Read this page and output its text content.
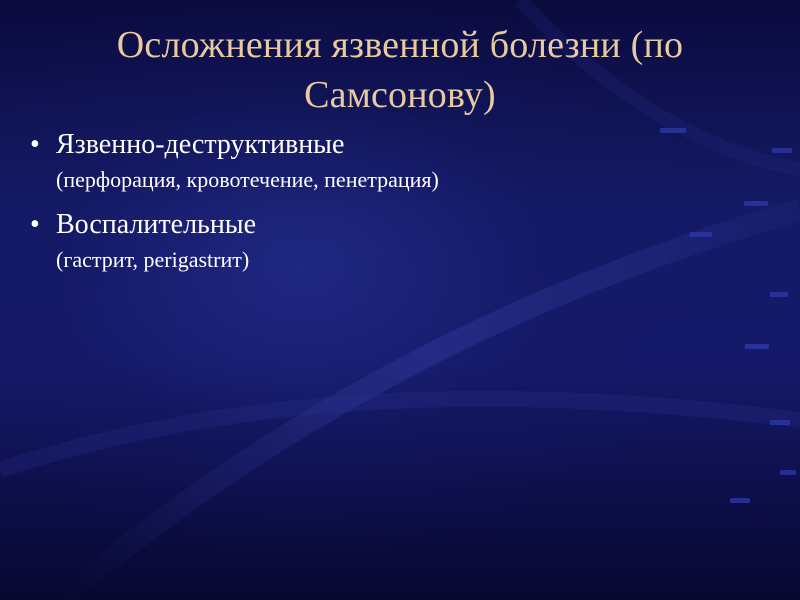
Осложнения язвенной болезни (по
Самсонову)
• Язвенно-деструктивные
(перфорация, кровотечение, пенетрация)
• Воспалительные
(гастрит, perigastrит)
